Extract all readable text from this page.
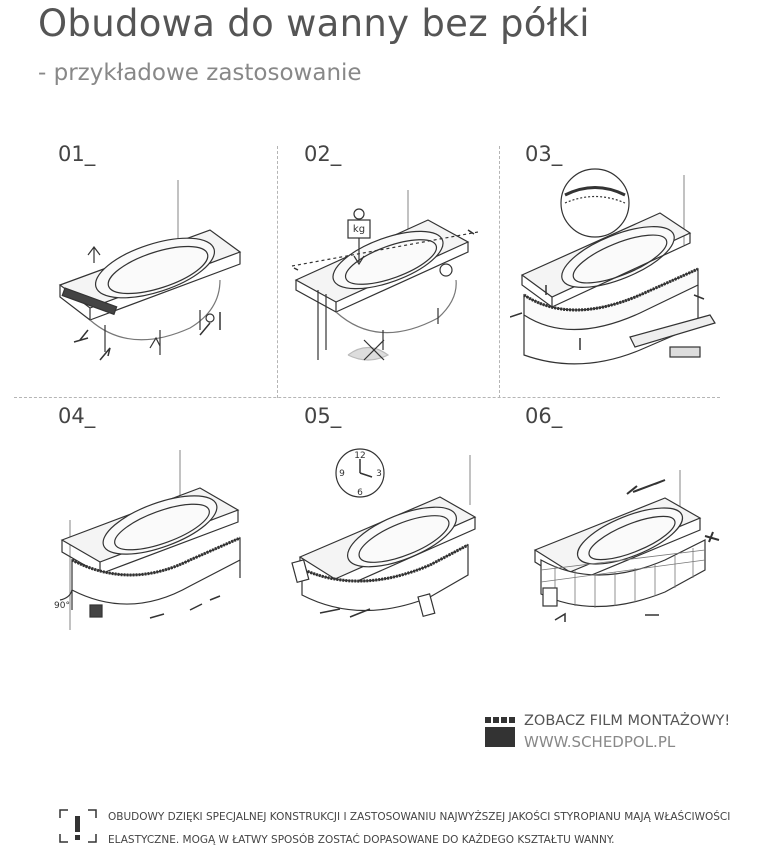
Obudowa do wanny bez półki
- przykładowe zastosowanie
01_	02_	03_
04_	05_	06_
kg
90°
12
3
6
9
ZOBACZ FILM MONTAŻOWY!
WWW.SCHEDPOL.PL
OBUDOWY DZIĘKI SPECJALNEJ KONSTRUKCJI I ZASTOSOWANIU NAJWYŻSZEJ JAKOŚCI STYROPIANU MAJĄ WŁAŚCIWOŚCI
ELASTYCZNE. MOGĄ W ŁATWY SPOSÓB ZOSTAĆ DOPASOWANE DO KAŻDEGO KSZTAŁTU WANNY.
